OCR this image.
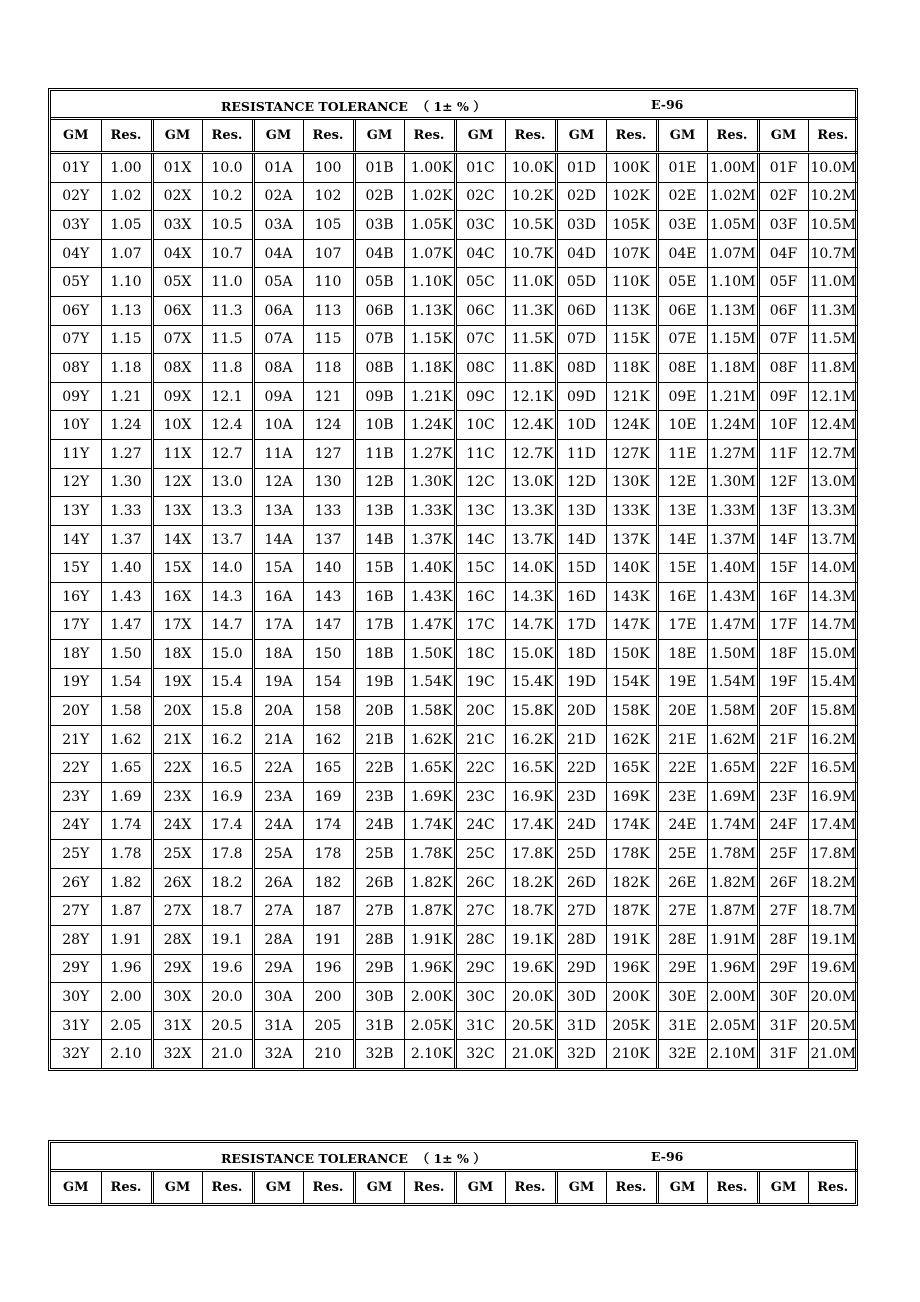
RESISTANCE TOLERANCE  （ 1± % ） E-96															

GM	Res.	GM	Res.	GM	Res.	GM	Res.	GM	Res.	GM	Res.	GM	Res.	GM	Res.
01Y	1.00	01X	10.0	01A	100	01B	1.00K	01C	10.0K	01D	100K	01E	1.00M	01F	10.0M
02Y	1.02	02X	10.2	02A	102	02B	1.02K	02C	10.2K	02D	102K	02E	1.02M	02F	10.2M
03Y	1.05	03X	10.5	03A	105	03B	1.05K	03C	10.5K	03D	105K	03E	1.05M	03F	10.5M
04Y	1.07	04X	10.7	04A	107	04B	1.07K	04C	10.7K	04D	107K	04E	1.07M	04F	10.7M
05Y	1.10	05X	11.0	05A	110	05B	1.10K	05C	11.0K	05D	110K	05E	1.10M	05F	11.0M
06Y	1.13	06X	11.3	06A	113	06B	1.13K	06C	11.3K	06D	113K	06E	1.13M	06F	11.3M
07Y	1.15	07X	11.5	07A	115	07B	1.15K	07C	11.5K	07D	115K	07E	1.15M	07F	11.5M
08Y	1.18	08X	11.8	08A	118	08B	1.18K	08C	11.8K	08D	118K	08E	1.18M	08F	11.8M
09Y	1.21	09X	12.1	09A	121	09B	1.21K	09C	12.1K	09D	121K	09E	1.21M	09F	12.1M
10Y	1.24	10X	12.4	10A	124	10B	1.24K	10C	12.4K	10D	124K	10E	1.24M	10F	12.4M
11Y	1.27	11X	12.7	11A	127	11B	1.27K	11C	12.7K	11D	127K	11E	1.27M	11F	12.7M
12Y	1.30	12X	13.0	12A	130	12B	1.30K	12C	13.0K	12D	130K	12E	1.30M	12F	13.0M
13Y	1.33	13X	13.3	13A	133	13B	1.33K	13C	13.3K	13D	133K	13E	1.33M	13F	13.3M
14Y	1.37	14X	13.7	14A	137	14B	1.37K	14C	13.7K	14D	137K	14E	1.37M	14F	13.7M
15Y	1.40	15X	14.0	15A	140	15B	1.40K	15C	14.0K	15D	140K	15E	1.40M	15F	14.0M
16Y	1.43	16X	14.3	16A	143	16B	1.43K	16C	14.3K	16D	143K	16E	1.43M	16F	14.3M
17Y	1.47	17X	14.7	17A	147	17B	1.47K	17C	14.7K	17D	147K	17E	1.47M	17F	14.7M
18Y	1.50	18X	15.0	18A	150	18B	1.50K	18C	15.0K	18D	150K	18E	1.50M	18F	15.0M
19Y	1.54	19X	15.4	19A	154	19B	1.54K	19C	15.4K	19D	154K	19E	1.54M	19F	15.4M
20Y	1.58	20X	15.8	20A	158	20B	1.58K	20C	15.8K	20D	158K	20E	1.58M	20F	15.8M
21Y	1.62	21X	16.2	21A	162	21B	1.62K	21C	16.2K	21D	162K	21E	1.62M	21F	16.2M
22Y	1.65	22X	16.5	22A	165	22B	1.65K	22C	16.5K	22D	165K	22E	1.65M	22F	16.5M
23Y	1.69	23X	16.9	23A	169	23B	1.69K	23C	16.9K	23D	169K	23E	1.69M	23F	16.9M
24Y	1.74	24X	17.4	24A	174	24B	1.74K	24C	17.4K	24D	174K	24E	1.74M	24F	17.4M
25Y	1.78	25X	17.8	25A	178	25B	1.78K	25C	17.8K	25D	178K	25E	1.78M	25F	17.8M
26Y	1.82	26X	18.2	26A	182	26B	1.82K	26C	18.2K	26D	182K	26E	1.82M	26F	18.2M
27Y	1.87	27X	18.7	27A	187	27B	1.87K	27C	18.7K	27D	187K	27E	1.87M	27F	18.7M
28Y	1.91	28X	19.1	28A	191	28B	1.91K	28C	19.1K	28D	191K	28E	1.91M	28F	19.1M
29Y	1.96	29X	19.6	29A	196	29B	1.96K	29C	19.6K	29D	196K	29E	1.96M	29F	19.6M
30Y	2.00	30X	20.0	30A	200	30B	2.00K	30C	20.0K	30D	200K	30E	2.00M	30F	20.0M
31Y	2.05	31X	20.5	31A	205	31B	2.05K	31C	20.5K	31D	205K	31E	2.05M	31F	20.5M
32Y	2.10	32X	21.0	32A	210	32B	2.10K	32C	21.0K	32D	210K	32E	2.10M	31F	21.0M
RESISTANCE TOLERANCE  （ 1± % ）	E-96

GM	Res.	GM	Res.	GM	Res.	GM	Res.	GM	Res.	GM	Res.	GM	Res.	GM	Res.
